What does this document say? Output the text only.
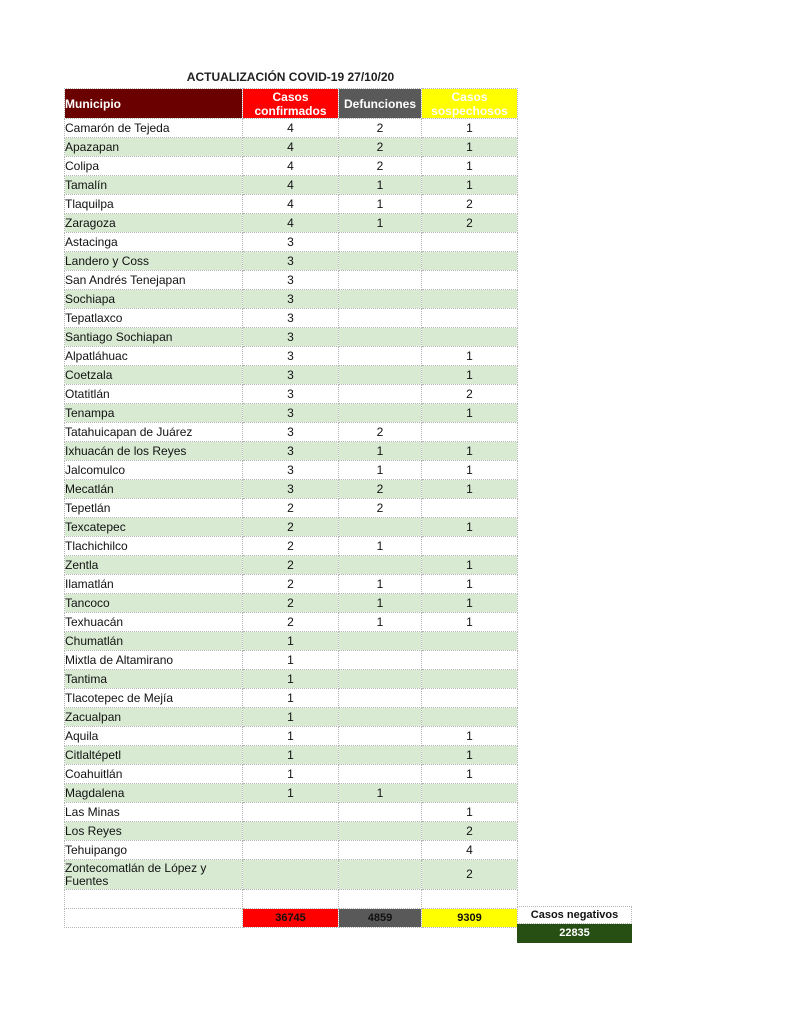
ACTUALIZACIÓN COVID-19 27/10/20
Municipio	Casos confirmados	Defunciones	Casos sospechosos
Camarón de Tejeda	4	2	1
Apazapan	4	2	1
Colipa	4	2	1
Tamalín	4	1	1
Tlaquilpa	4	1	2
Zaragoza	4	1	2
Astacinga	3		
Landero y Coss	3		
San Andrés Tenejapan	3		
Sochiapa	3		
Tepatlaxco	3		
Santiago Sochiapan	3		
Alpatláhuac	3		1
Coetzala	3		1
Otatitlán	3		2
Tenampa	3		1
Tatahuicapan de Juárez	3	2	
Ixhuacán de los Reyes	3	1	1
Jalcomulco	3	1	1
Mecatlán	3	2	1
Tepetlán	2	2	
Texcatepec	2		1
Tlachichilco	2	1	
Zentla	2		1
Ilamatlán	2	1	1
Tancoco	2	1	1
Texhuacán	2	1	1
Chumatlán	1		
Mixtla de Altamirano	1		
Tantima	1		
Tlacotepec de Mejía	1		
Zacualpan	1		
Aquila	1		1
Citlaltépetl	1		1
Coahuitlán	1		1
Magdalena	1	1	
Las Minas			1
Los Reyes			2
Tehuipango			4
Zontecomatlán de López y Fuentes			2

	36745	4859	9309	Casos negativos
22835
